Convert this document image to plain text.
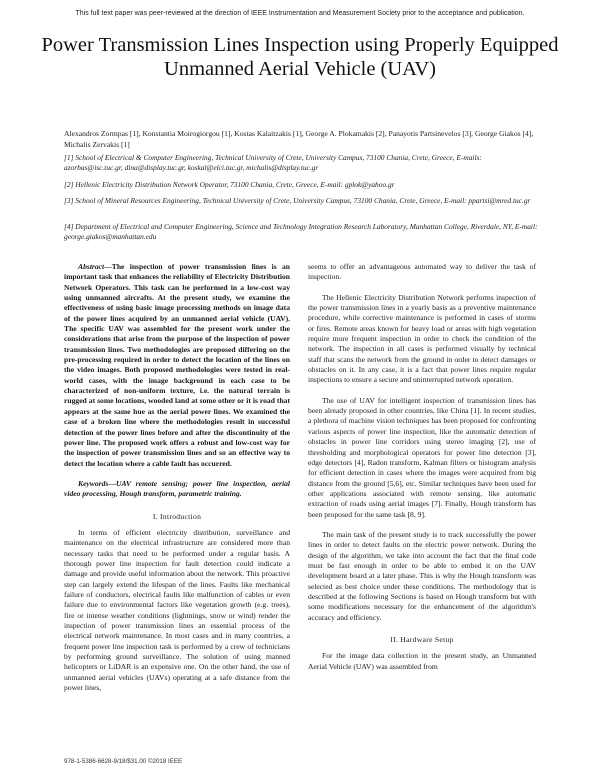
This full text paper was peer-reviewed at the direction of IEEE Instrumentation and Measurement Society prior to the acceptance and publication.
Power Transmission Lines Inspection using Properly Equipped Unmanned Aerial Vehicle (UAV)
Alexandros Zormpas [1], Konstantia Moirogiorgou [1], Kostas Kalaitzakis [1], George A. Plokamakis [2], Panayotis Partsinevelos [3], George Giakos [4], Michalis Zervakis [1]
[1] School of Electrical & Computer Engineering, Technical University of Crete, University Campus, 73100 Chania, Crete, Greece, E-mails: azorbas@isc.tuc.gr, dina@display.tuc.gr, koskal@elci.tuc.gr, michalis@display.tuc.gr
[2] Hellenic Electricity Distribution Network Operator, 73100 Chania, Crete, Greece, E-mail: gplok@yahoo.gr
[3] School of Mineral Resources Engineering, Technical University of Crete, University Campus, 73100 Chania, Crete, Greece, E-mail: ppartsi@mred.tuc.gr
[4] Department of Electrical and Computer Engineering, Science and Technology Integration Research Laboratory, Manhattan College, Riverdale, NY, E-mail: george.giakos@manhattan.edu

Abstract—The inspection of power transmission lines is an important task that enhances the reliability of Electricity Distribution Network Operators. This task can be performed in a low-cost way using unmanned aircrafts. At the present study, we examine the effectiveness of using basic image processing methods on image data of the power lines acquired by an unmanned aerial vehicle (UAV). The specific UAV was assembled for the present work under the considerations that arise from the purpose of the inspection of power transmission lines. Two methodologies are proposed differing on the pre-processing required in order to detect the location of the lines on the video images. Both proposed methodologies were tested in real-world cases, with the image background in each case to be characterized of non-uniform texture, i.e. the natural terrain is rugged at some locations, wooded land at some other or it is road that appears at the same hue as the aerial power lines. We examined the case of a broken line where the methodologies result in successful detection of the power lines before and after the discontinuity of the power line. The proposed work offers a robust and low-cost way for the inspection of power transmission lines and so an effective way to detect the location where a cable fault has occurred.

Keywords—UAV remote sensing; power line inspection, aerial video processing, Hough transform, parametric training.

I. Introduction

In terms of efficient electricity distribution, surveillance and maintenance on the electrical infrastructure are considered more than necessary tasks that need to be performed under a regular basis. A thorough power line inspection for fault detection could indicate a damage and provide useful information about the network. This proactive step can largely extend the lifespan of the lines. Faults like mechanical failure of conductors, electrical faults like malfunction of cables or even failure due to environmental factors like vegetation growth (e.g. trees), fire or intense weather conditions (lightnings, snow or wind) render the inspection of power transmission lines an essential process of the electrical network maintenance. In most cases and in many countries, a frequent power line inspection task is performed by a crew of technicians by performing ground surveillance. The solution of using manned helicopters or LiDAR is an expensive one. On the other hand, the use of unmanned aerial vehicles (UAVs) operating at a safe distance from the power lines,

seems to offer an advantageous automated way to deliver the task of inspection.

The Hellenic Electricity Distribution Network performs inspection of the power transmission lines in a yearly basis as a preventive maintenance procedure, while corrective maintenance is performed in cases of storms or fires. Remote areas known for heavy load or areas with high vegetation require more frequent inspection in order to check the condition of the network. The inspection in all cases is performed visually by technical staff that scans the network from the ground in order to detect damages or obstacles on it. In any case, it is a fact that power lines require regular inspections to ensure a secure and uninterrupted network operation.

The use of UAV for intelligent inspection of transmission lines has been already proposed in other countries, like China [1]. In recent studies, a plethora of machine vision techniques has been proposed for confronting various aspects of power line inspection, like the automatic detection of obstacles in power line corridors using stereo imaging [2], use of thresholding and morphological operators for power line detection [3], edge detectors [4], Radon transform, Kalman filters or histogram analysis for efficient detection in cases where the images were acquired from big distance from the ground [5,6], etc. Similar techniques have been used for other applications associated with remote sensing, like automatic extraction of roads using aerial images [7]. Finally, Hough transform has been proposed for the same task [8, 9].

The main task of the present study is to track successfully the power lines in order to detect faults on the electric power network. During the design of the algorithm, we take into account the fact that the final code must be fast enough in order to be able to embed it on the UAV development board at a later phase. This is why the Hough transform was selected as best choice under these conditions. The methodology that is described at the following Sections is based on Hough transform but with some modifications necessary for the enhancement of the algorithm's accuracy and efficiency.

II. Hardware Setup

For the image data collection in the present study, an Unmanned Aerial Vehicle (UAV) was assembled from

978-1-5386-6628-9/18/$31.00 ©2018 IEEE
